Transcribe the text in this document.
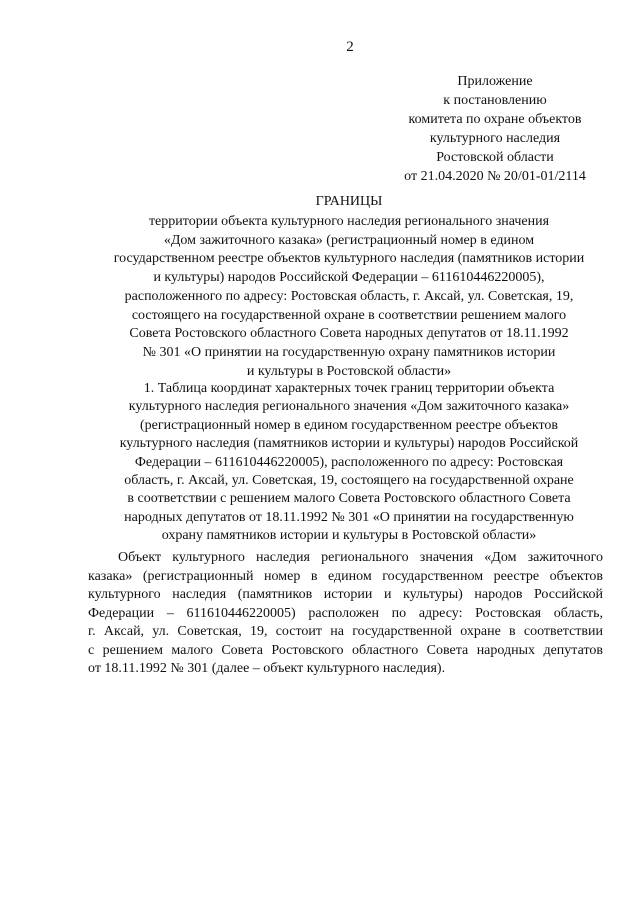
2
Приложение
к постановлению
комитета по охране объектов
культурного наследия
Ростовской области
от 21.04.2020 № 20/01-01/2114
ГРАНИЦЫ
территории объекта культурного наследия регионального значения
«Дом зажиточного казака» (регистрационный номер в едином
государственном реестре объектов культурного наследия (памятников истории
и культуры) народов Российской Федерации – 611610446220005),
расположенного по адресу: Ростовская область, г. Аксай, ул. Советская, 19,
состоящего на государственной охране в соответствии решением малого
Совета Ростовского областного Совета народных депутатов от 18.11.1992
№ 301 «О принятии на государственную охрану памятников истории
и культуры в Ростовской области»
1. Таблица координат характерных точек границ территории объекта
культурного наследия регионального значения «Дом зажиточного казака»
(регистрационный номер в едином государственном реестре объектов
культурного наследия (памятников истории и культуры) народов Российской
Федерации – 611610446220005), расположенного по адресу: Ростовская
область, г. Аксай, ул. Советская, 19, состоящего на государственной охране
в соответствии с решением малого Совета Ростовского областного Совета
народных депутатов от 18.11.1992 № 301 «О принятии на государственную
охрану памятников истории и культуры в Ростовской области»
Объект культурного наследия регионального значения «Дом зажиточного
казака» (регистрационный номер в едином государственном реестре объектов
культурного наследия (памятников истории и культуры) народов Российской
Федерации – 611610446220005) расположен по адресу: Ростовская область,
г. Аксай, ул. Советская, 19, состоит на государственной охране в соответствии
с решением малого Совета Ростовского областного Совета народных депутатов
от 18.11.1992 № 301 (далее – объект культурного наследия).
